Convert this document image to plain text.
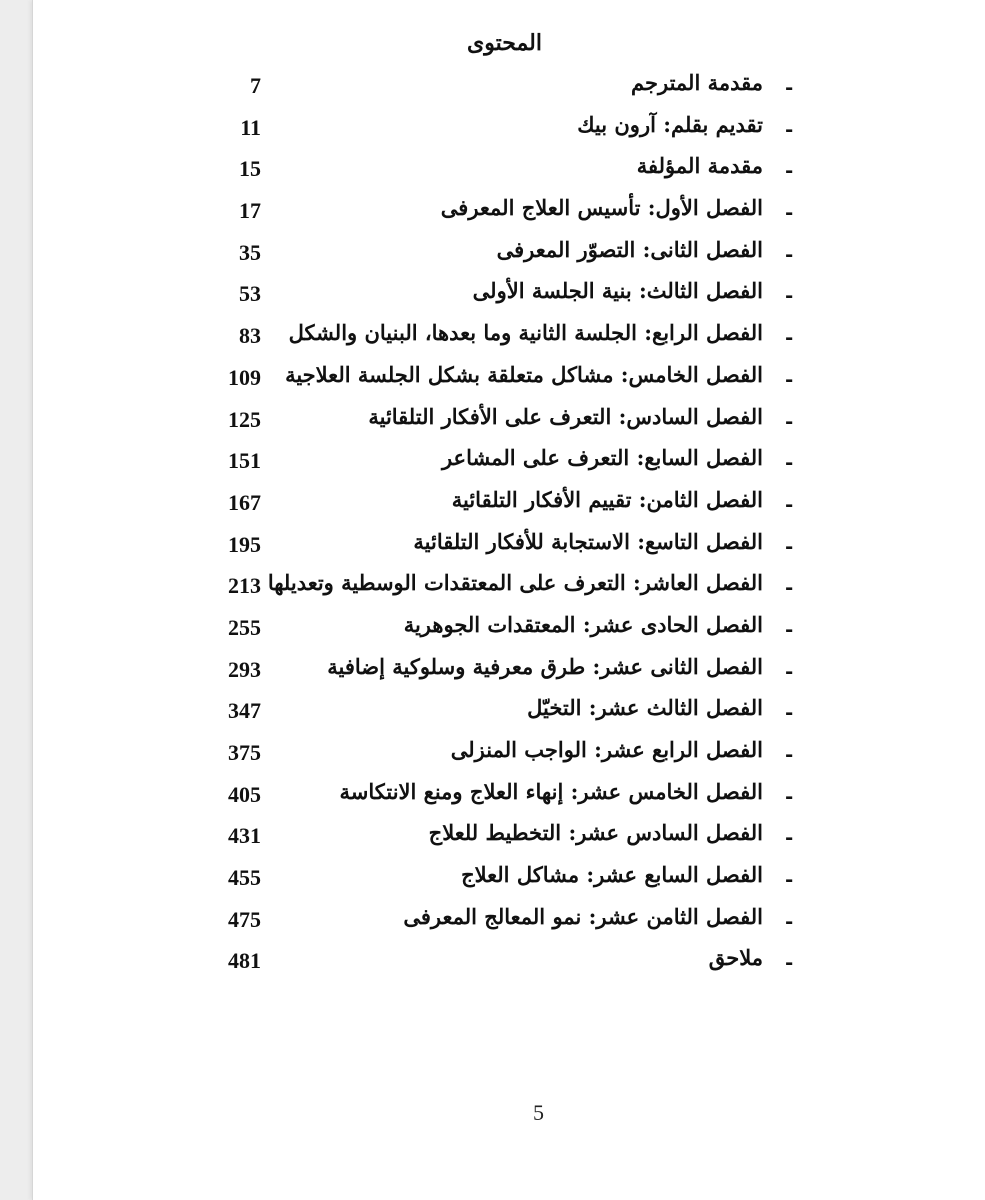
المحتوى
-
مقدمة المترجم
7
-
تقديم بقلم: آرون بيك
11
-
مقدمة المؤلفة
15
-
الفصل الأول: تأسيس العلاج المعرفى
17
-
الفصل الثانى: التصوّر المعرفى
35
-
الفصل الثالث: بنية الجلسة الأولى
53
-
الفصل الرابع: الجلسة الثانية وما بعدها، البنيان والشكل
83
-
الفصل الخامس: مشاكل متعلقة بشكل الجلسة العلاجية
109
-
الفصل السادس: التعرف على الأفكار التلقائية
125
-
الفصل السابع: التعرف على المشاعر
151
-
الفصل الثامن: تقييم الأفكار التلقائية
167
-
الفصل التاسع: الاستجابة للأفكار التلقائية
195
-
الفصل العاشر: التعرف على المعتقدات الوسطية وتعديلها
213
-
الفصل الحادى عشر: المعتقدات الجوهرية
255
-
الفصل الثانى عشر: طرق معرفية وسلوكية إضافية
293
-
الفصل الثالث عشر: التخيّل
347
-
الفصل الرابع عشر: الواجب المنزلى
375
-
الفصل الخامس عشر: إنهاء العلاج ومنع الانتكاسة
405
-
الفصل السادس عشر: التخطيط للعلاج
431
-
الفصل السابع عشر: مشاكل العلاج
455
-
الفصل الثامن عشر: نمو المعالج المعرفى
475
-
ملاحق
481
5
